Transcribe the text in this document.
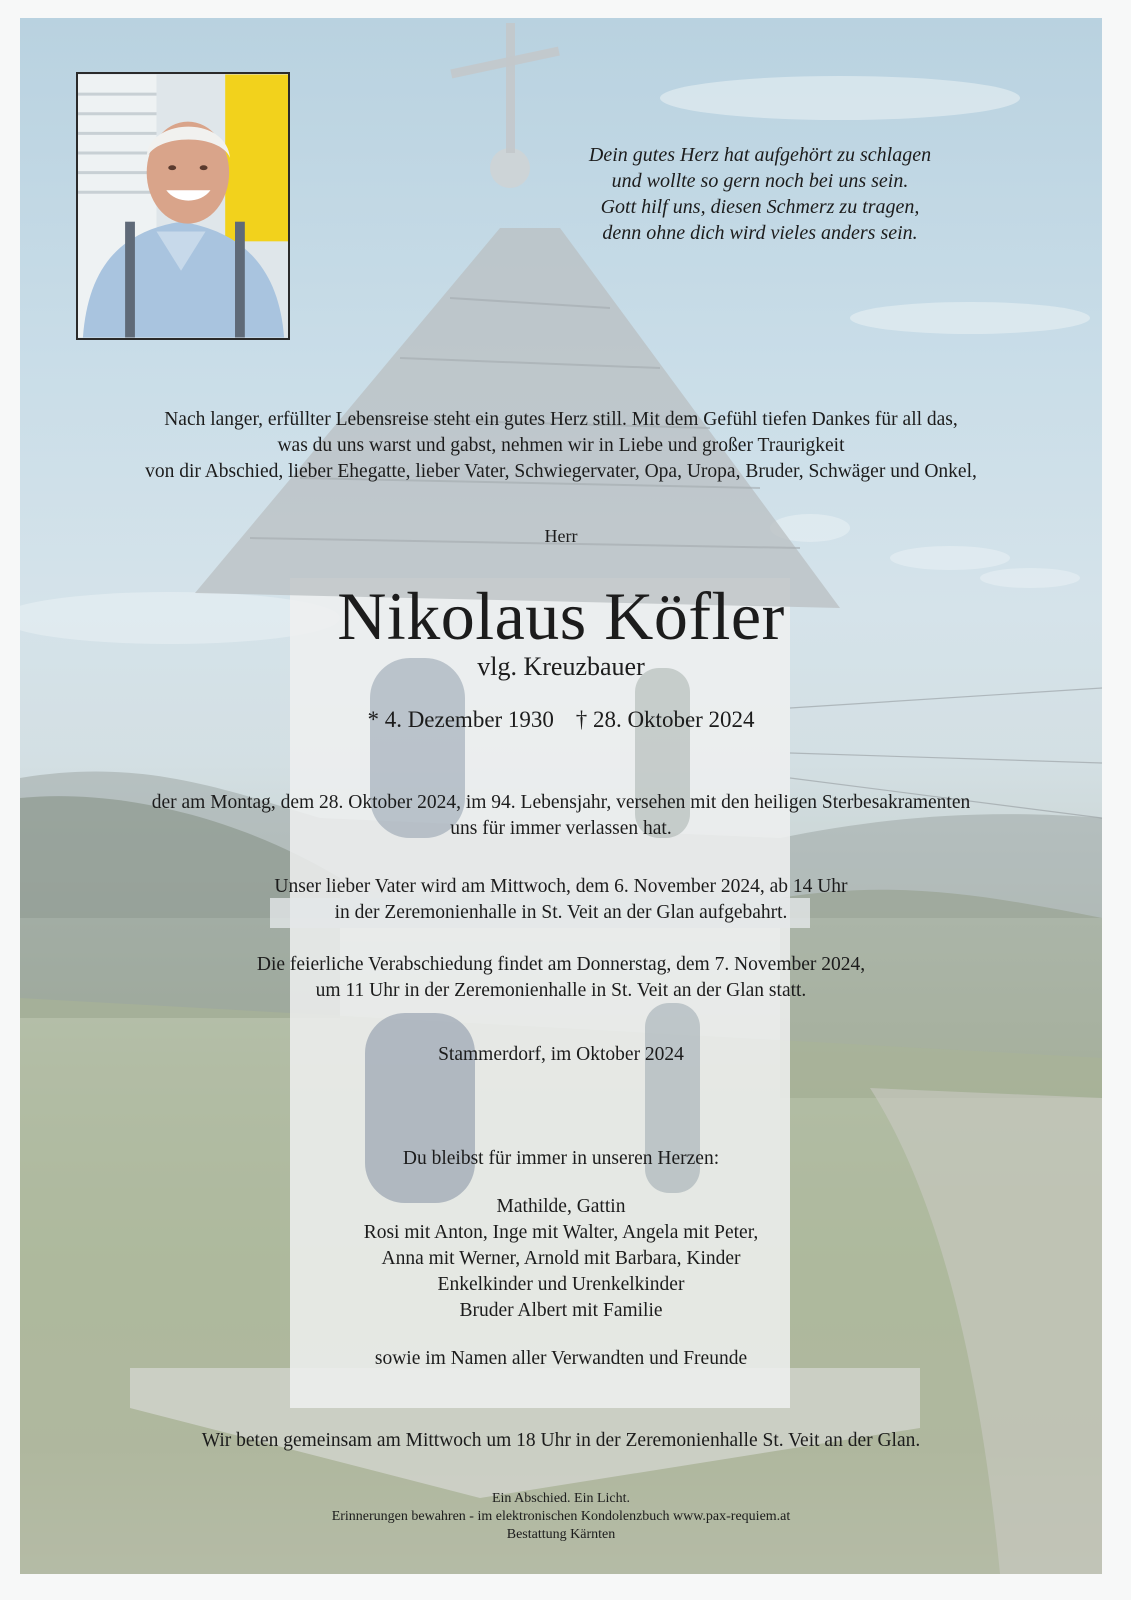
Dein gutes Herz hat aufgehört zu schlagen

und wollte so gern noch bei uns sein.

Gott hilf uns, diesen Schmerz zu tragen,

denn ohne dich wird vieles anders sein.

Nach langer, erfüllter Lebensreise steht ein gutes Herz still. Mit dem Gefühl tiefen Dankes für all das,

was du uns warst und gabst, nehmen wir in Liebe und großer Traurigkeit

von dir Abschied, lieber Ehegatte, lieber Vater, Schwiegervater, Opa, Uropa, Bruder, Schwäger und Onkel,

Herr
Nikolaus Köfler
vlg. Kreuzbauer
* 4. Dezember 1930 † 28. Oktober 2024

der am Montag, dem 28. Oktober 2024, im 94. Lebensjahr, versehen mit den heiligen Sterbesakramenten

uns für immer verlassen hat.

Unser lieber Vater wird am Mittwoch, dem 6. November 2024, ab 14 Uhr

in der Zeremonienhalle in St. Veit an der Glan aufgebahrt.

Die feierliche Verabschiedung findet am Donnerstag, dem 7. November 2024,

um 11 Uhr in der Zeremonienhalle in St. Veit an der Glan statt.

Stammerdorf, im Oktober 2024
Du bleibst für immer in unseren Herzen:

Mathilde, Gattin

Rosi mit Anton, Inge mit Walter, Angela mit Peter,

Anna mit Werner, Arnold mit Barbara, Kinder

Enkelkinder und Urenkelkinder

Bruder Albert mit Familie

sowie im Namen aller Verwandten und Freunde
Wir beten gemeinsam am Mittwoch um 18 Uhr in der Zeremonienhalle St. Veit an der Glan.

Ein Abschied. Ein Licht.

Erinnerungen bewahren - im elektronischen Kondolenzbuch www.pax-requiem.at

Bestattung Kärnten
